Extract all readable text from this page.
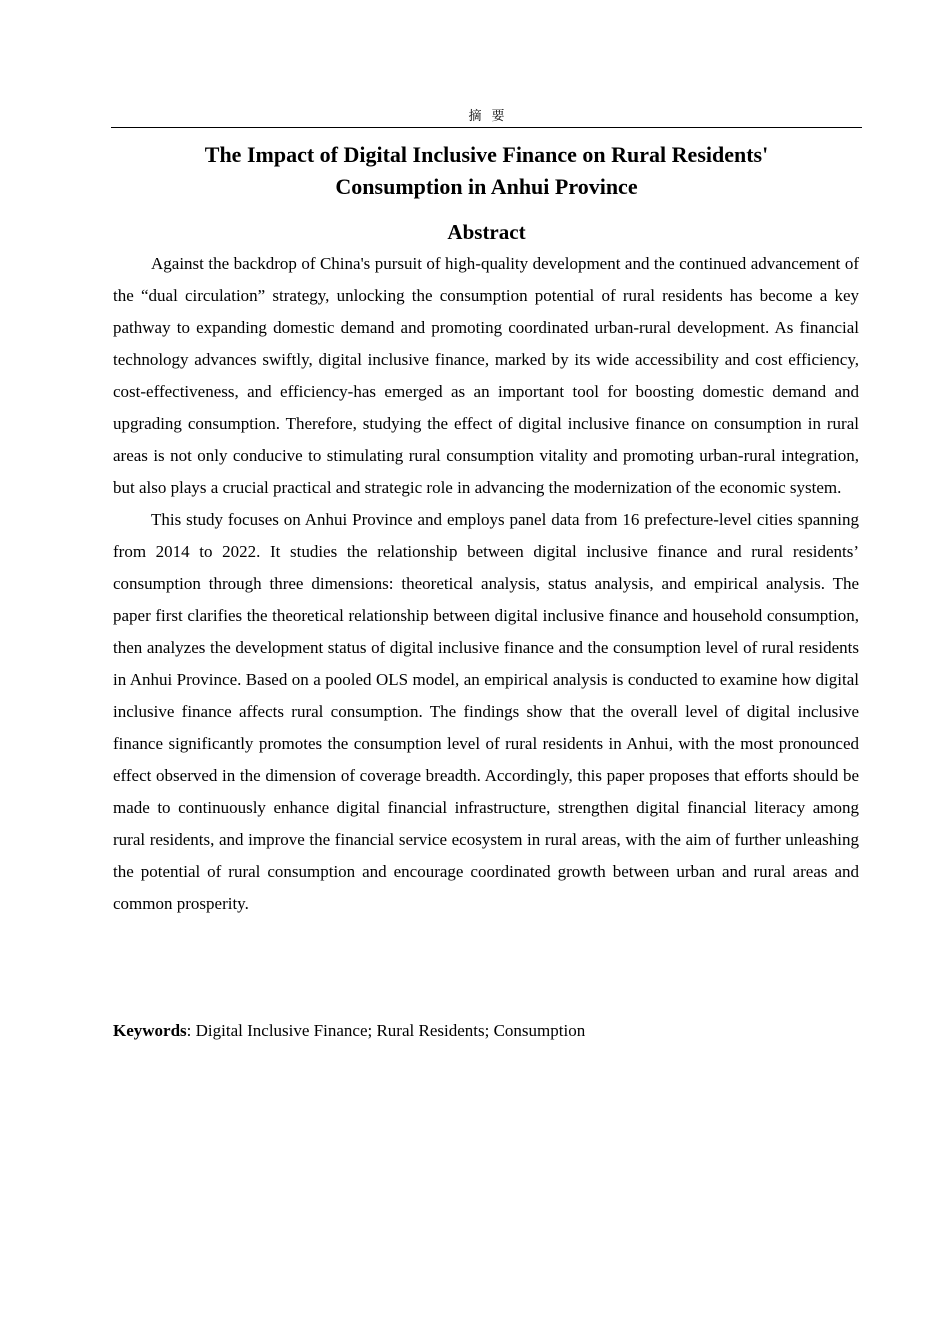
摘要
The Impact of Digital Inclusive Finance on Rural Residents'
Consumption in Anhui Province
Abstract

Against the backdrop of China's pursuit of high-quality development and the continued advancement of the “dual circulation” strategy, unlocking the consumption potential of rural residents has become a key pathway to expanding domestic demand and promoting coordinated urban-rural development. As financial technology advances swiftly, digital inclusive finance, marked by its wide accessibility and cost efficiency, cost-effectiveness, and efficiency-has emerged as an important tool for boosting domestic demand and upgrading consumption. Therefore, studying the effect of digital inclusive finance on consumption in rural areas is not only conducive to stimulating rural consumption vitality and promoting urban-rural integration, but also plays a crucial practical and strategic role in advancing the modernization of the economic system.

This study focuses on Anhui Province and employs panel data from 16 prefecture-level cities spanning from 2014 to 2022. It studies the relationship between digital inclusive finance and rural residents’ consumption through three dimensions: theoretical analysis, status analysis, and empirical analysis. The paper first clarifies the theoretical relationship between digital inclusive finance and household consumption, then analyzes the development status of digital inclusive finance and the consumption level of rural residents in Anhui Province. Based on a pooled OLS model, an empirical analysis is conducted to examine how digital inclusive finance affects rural consumption. The findings show that the overall level of digital inclusive finance significantly promotes the consumption level of rural residents in Anhui, with the most pronounced effect observed in the dimension of coverage breadth. Accordingly, this paper proposes that efforts should be made to continuously enhance digital financial infrastructure, strengthen digital financial literacy among rural residents, and improve the financial service ecosystem in rural areas, with the aim of further unleashing the potential of rural consumption and encourage coordinated growth between urban and rural areas and common prosperity.

Keywords: Digital Inclusive Finance; Rural Residents; Consumption
